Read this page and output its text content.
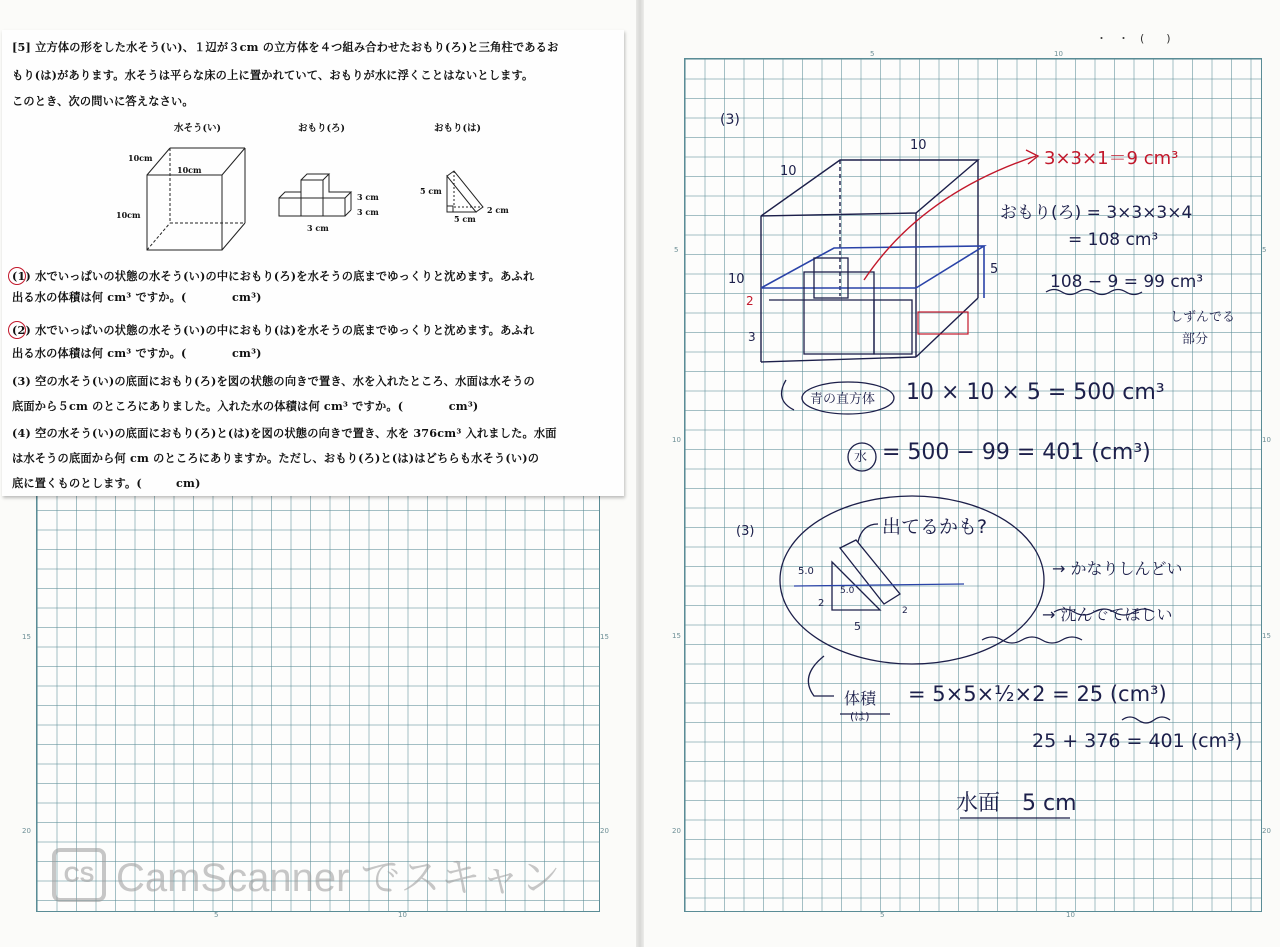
15	15
20	20
5	10
[5] 立方体の形をした水そう(い)、１辺が３cm の立方体を４つ組み合わせたおもり(ろ)と三角柱であるお
もり(は)があります。水そうは平らな床の上に置かれていて、おもりが水に浮くことはないとします。
このとき、次の問いに答えなさい。
水そう(い)	おもり(ろ)	おもり(は)
10cm
10cm
10cm
3 cm
3 cm
3 cm
5 cm
5 cm
2 cm
(1) 水でいっぱいの状態の水そう(い)の中におもり(ろ)を水そうの底までゆっくりと沈めます。あふれ
出る水の体積は何 cm³ ですか。(　　　　cm³)
(2) 水でいっぱいの状態の水そう(い)の中におもり(は)を水そうの底までゆっくりと沈めます。あふれ
出る水の体積は何 cm³ ですか。(　　　　cm³)
(3) 空の水そう(い)の底面におもり(ろ)を図の状態の向きで置き、水を入れたところ、水面は水そうの
底面から５cm のところにありました。入れた水の体積は何 cm³ ですか。(　　　　cm³)
(4) 空の水そう(い)の底面におもり(ろ)と(は)を図の状態の向きで置き、水を 376cm³ 入れました。水面
は水そうの底面から何 cm のところにありますか。ただし、おもり(ろ)と(は)はどちらも水そう(い)の
底に置くものとします。(　　　cm)
CS CamScanner でスキャン
・　・　(　　)
5
10
15
5
10
15
20	20
5	10
5	10
(3)
10
10
10
5
2
3
3×3×1＝9 cm³
おもり(ろ) = 3×3×3×4
= 108 cm³
108 − 9 = 99 cm³
しずんでる
部分
青の直方体 10 × 10 × 5 = 500 cm³
水 = 500 − 99 = 401 (cm³)
(3)	出てるかも?
5.0
5.0
2
5
2
→ かなりしんどい
→ 沈んでてほしい
体積
(は)
= 5×5×½×2 = 25 (cm³)
25 + 376 = 401 (cm³)
水面　5 cm
